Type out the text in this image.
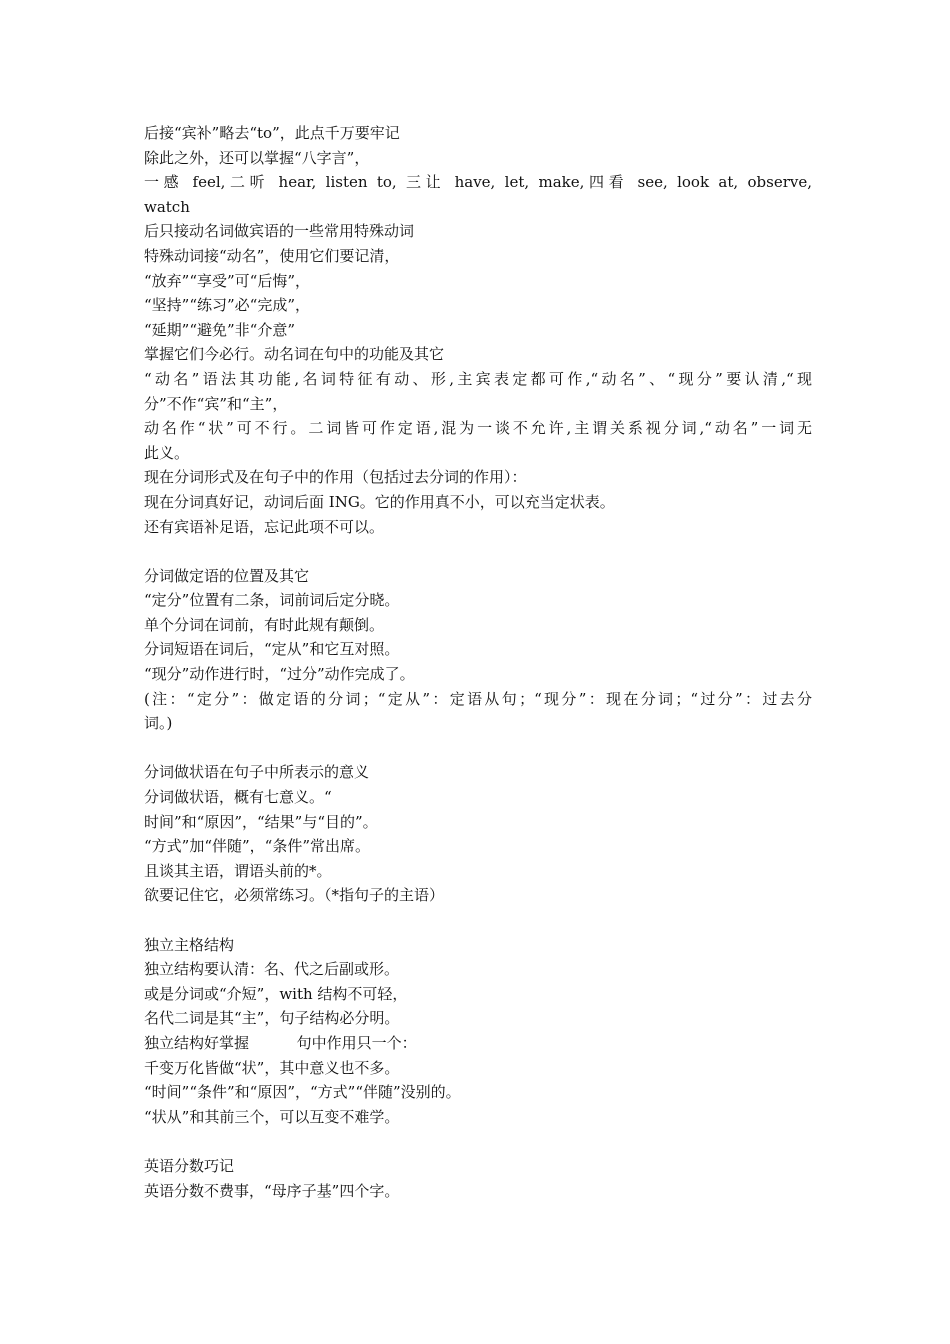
后接“宾补”略去“to”，此点千万要牢记
除此之外，还可以掌握“八字言”，
一感 feel,二听 hear, listen to, 三让 have, let, make,四看 see, look at, observe,
watch
后只接动名词做宾语的一些常用特殊动词
特殊动词接“动名”，使用它们要记清，
“放弃”“享受”可“后悔”，
“坚持”“练习”必“完成”，
“延期”“避免”非“介意”
掌握它们今必行。动名词在句中的功能及其它
“动名”语法其功能,名词特征有动、形,主宾表定都可作,“动名”、“现分”要认清,“现
分”不作“宾”和“主”，
动名作“状”可不行。二词皆可作定语,混为一谈不允许,主谓关系视分词,“动名”一词无
此义。
现在分词形式及在句子中的作用（包括过去分词的作用）：
现在分词真好记，动词后面 ING。它的作用真不小，可以充当定状表。
还有宾语补足语，忘记此项不可以。
分词做定语的位置及其它
“定分”位置有二条，词前词后定分晓。
单个分词在词前，有时此规有颠倒。
分词短语在词后，“定从”和它互对照。
“现分”动作进行时，“过分”动作完成了。
(注：“定分”：做定语的分词；“定从”：定语从句；“现分”：现在分词；“过分”：过去分
词。)
分词做状语在句子中所表示的意义
分词做状语，概有七意义。“
时间”和“原因”，“结果”与“目的”。
“方式”加“伴随”，“条件”常出席。
且谈其主语，谓语头前的*。
欲要记住它，必须常练习。（*指句子的主语）
独立主格结构
独立结构要认清：名、代之后副或形。
或是分词或“介短”，with 结构不可轻，
名代二词是其“主”，句子结构必分明。
独立结构好掌握          句中作用只一个：
千变万化皆做“状”，其中意义也不多。
“时间”“条件”和“原因”，“方式”“伴随”没别的。
“状从”和其前三个，可以互变不难学。
英语分数巧记
英语分数不费事，“母序子基”四个字。
